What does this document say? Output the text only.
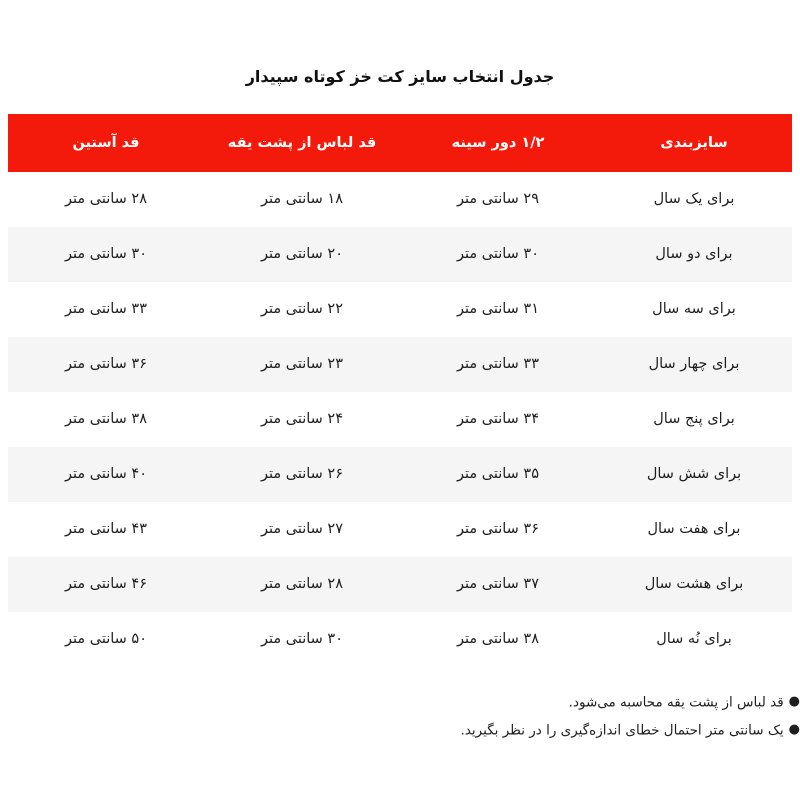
جدول انتخاب سایز کت خز کوتاه سپیدار
سایزبندی	۱/۲ دور سینه	قد لباس از پشت یقه	قد آستین
برای یک سال	۲۹ سانتی متر	۱۸ سانتی متر	۲۸ سانتی متر
برای دو سال	۳۰ سانتی متر	۲۰ سانتی متر	۳۰ سانتی متر
برای سه سال	۳۱ سانتی متر	۲۲ سانتی متر	۳۳ سانتی متر
برای چهار سال	۳۳ سانتی متر	۲۳ سانتی متر	۳۶ سانتی متر
برای پنج سال	۳۴ سانتی متر	۲۴ سانتی متر	۳۸ سانتی متر
برای شش سال	۳۵ سانتی متر	۲۶ سانتی متر	۴۰ سانتی متر
برای هفت سال	۳۶ سانتی متر	۲۷ سانتی متر	۴۳ سانتی متر
برای هشت سال	۳۷ سانتی متر	۲۸ سانتی متر	۴۶ سانتی متر
برای نُه سال	۳۸ سانتی متر	۳۰ سانتی متر	۵۰ سانتی متر
●قد لباس از پشت یقه محاسبه می‌شود.
●یک سانتی متر احتمال خطای اندازه‌گیری را در نظر بگیرید.
